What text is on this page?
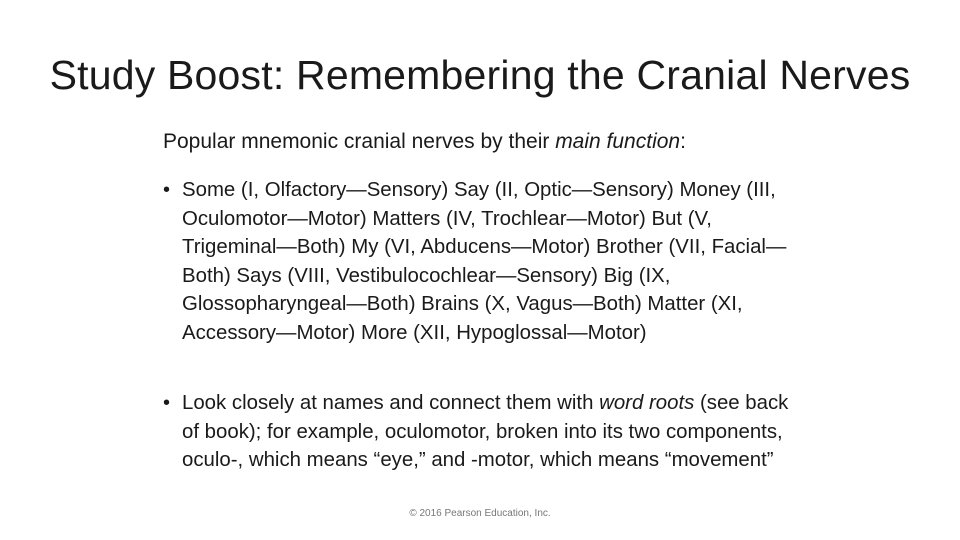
Study Boost: Remembering the Cranial Nerves
Popular mnemonic cranial nerves by their main function:
• Some (I, Olfactory—Sensory) Say (II, Optic—Sensory) Money (III, Oculomotor—Motor) Matters (IV, Trochlear—Motor) But (V, Trigeminal—Both) My (VI, Abducens—Motor) Brother (VII, Facial—Both) Says (VIII, Vestibulocochlear—Sensory) Big (IX, Glossopharyngeal—Both) Brains (X, Vagus—Both) Matter (XI, Accessory—Motor) More (XII, Hypoglossal—Motor)
• Look closely at names and connect them with word roots (see back of book); for example, oculomotor, broken into its two components, oculo-, which means “eye,” and -motor, which means “movement”
© 2016 Pearson Education, Inc.
